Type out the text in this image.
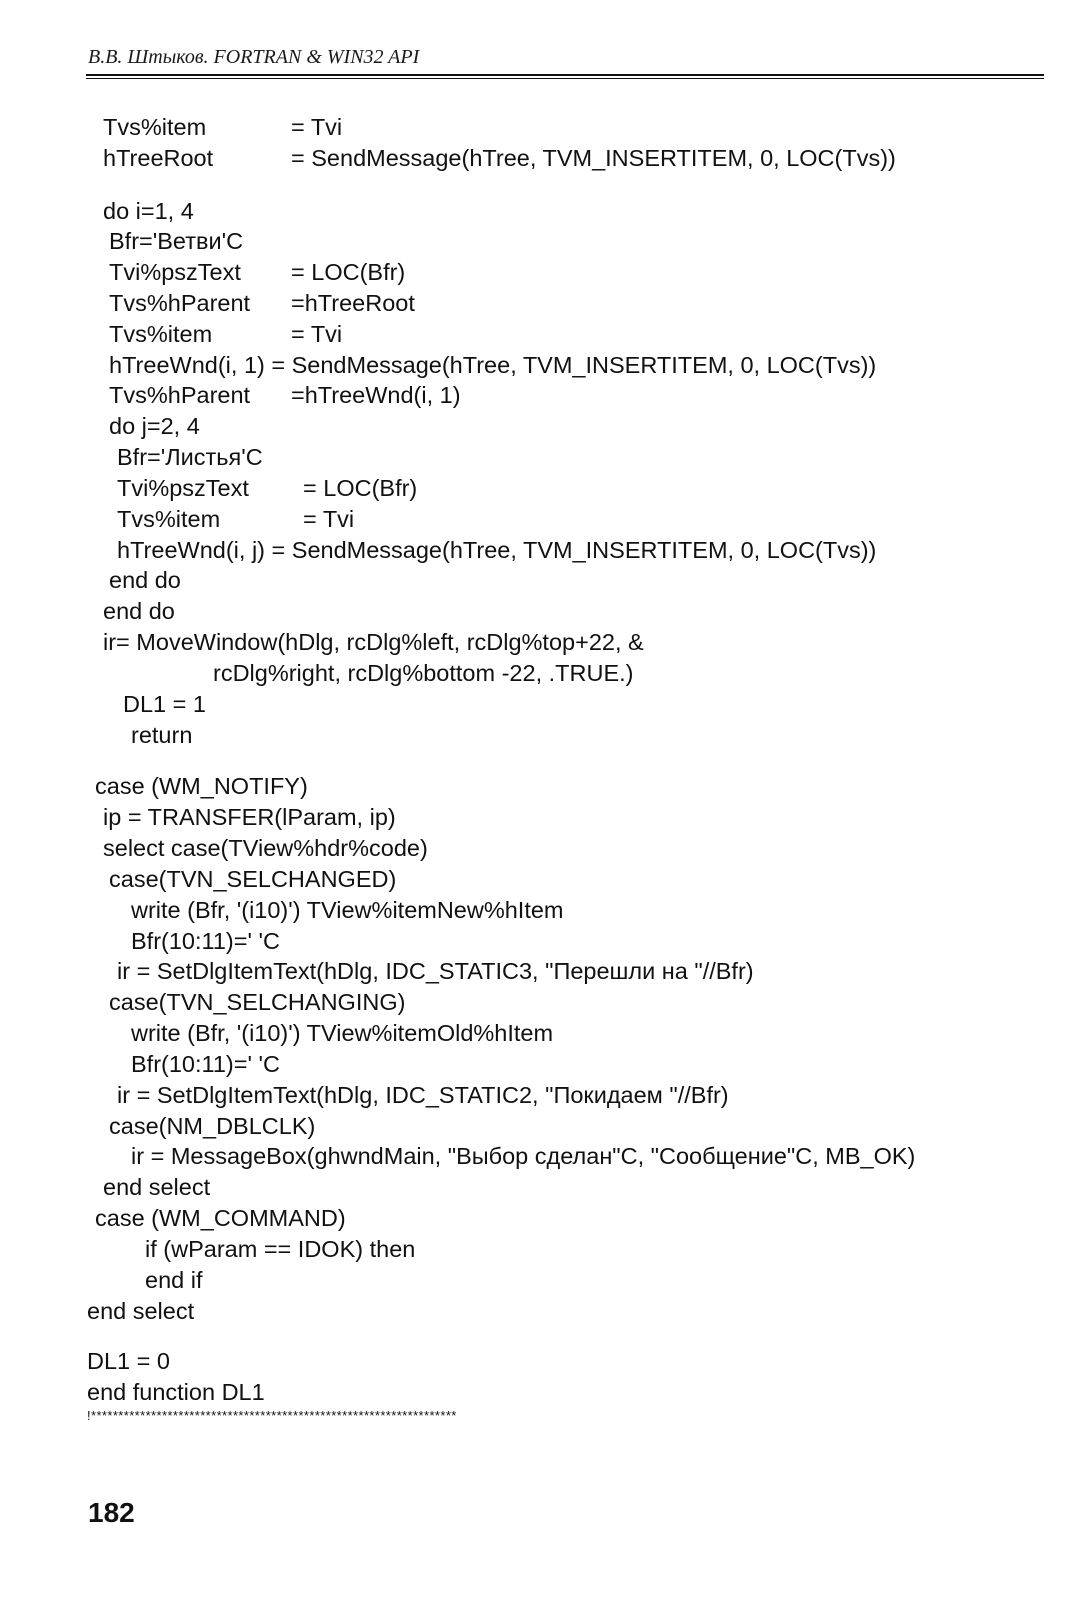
В.В. Штыков. FORTRAN & WIN32 API
Tvs%item	= Tvi
hTreeRoot	= SendMessage(hTree, TVM_INSERTITEM, 0, LOC(Tvs))
do i=1, 4
Bfr='Ветви'C
Tvi%pszText = LOC(Bfr)
Tvs%hParent =hTreeRoot
Tvs%item	= Tvi
hTreeWnd(i, 1) = SendMessage(hTree, TVM_INSERTITEM, 0, LOC(Tvs))
Tvs%hParent =hTreeWnd(i, 1)
do j=2, 4
Bfr='Листья'C
Tvi%pszText = LOC(Bfr)
Tvs%item	= Tvi
hTreeWnd(i, j) = SendMessage(hTree, TVM_INSERTITEM, 0, LOC(Tvs))
end do
end do
ir= MoveWindow(hDlg, rcDlg%left, rcDlg%top+22, &
rcDlg%right, rcDlg%bottom -22, .TRUE.)
DL1 = 1
return
case (WM_NOTIFY)
ip = TRANSFER(lParam, ip)
select case(TView%hdr%code)
case(TVN_SELCHANGED)
write (Bfr, '(i10)') TView%itemNew%hItem
Bfr(10:11)=' 'C
ir = SetDlgItemText(hDlg, IDC_STATIC3, "Перешли на "//Bfr)
case(TVN_SELCHANGING)
write (Bfr, '(i10)') TView%itemOld%hItem
Bfr(10:11)=' 'C
ir = SetDlgItemText(hDlg, IDC_STATIC2, "Покидаем "//Bfr)
case(NM_DBLCLK)
ir = MessageBox(ghwndMain, "Выбор сделан"C, "Сообщение"C, MB_OK)
end select
case (WM_COMMAND)
if (wParam == IDOK) then
end if
end select
DL1 = 0
end function DL1
!*******************************************************************
182
